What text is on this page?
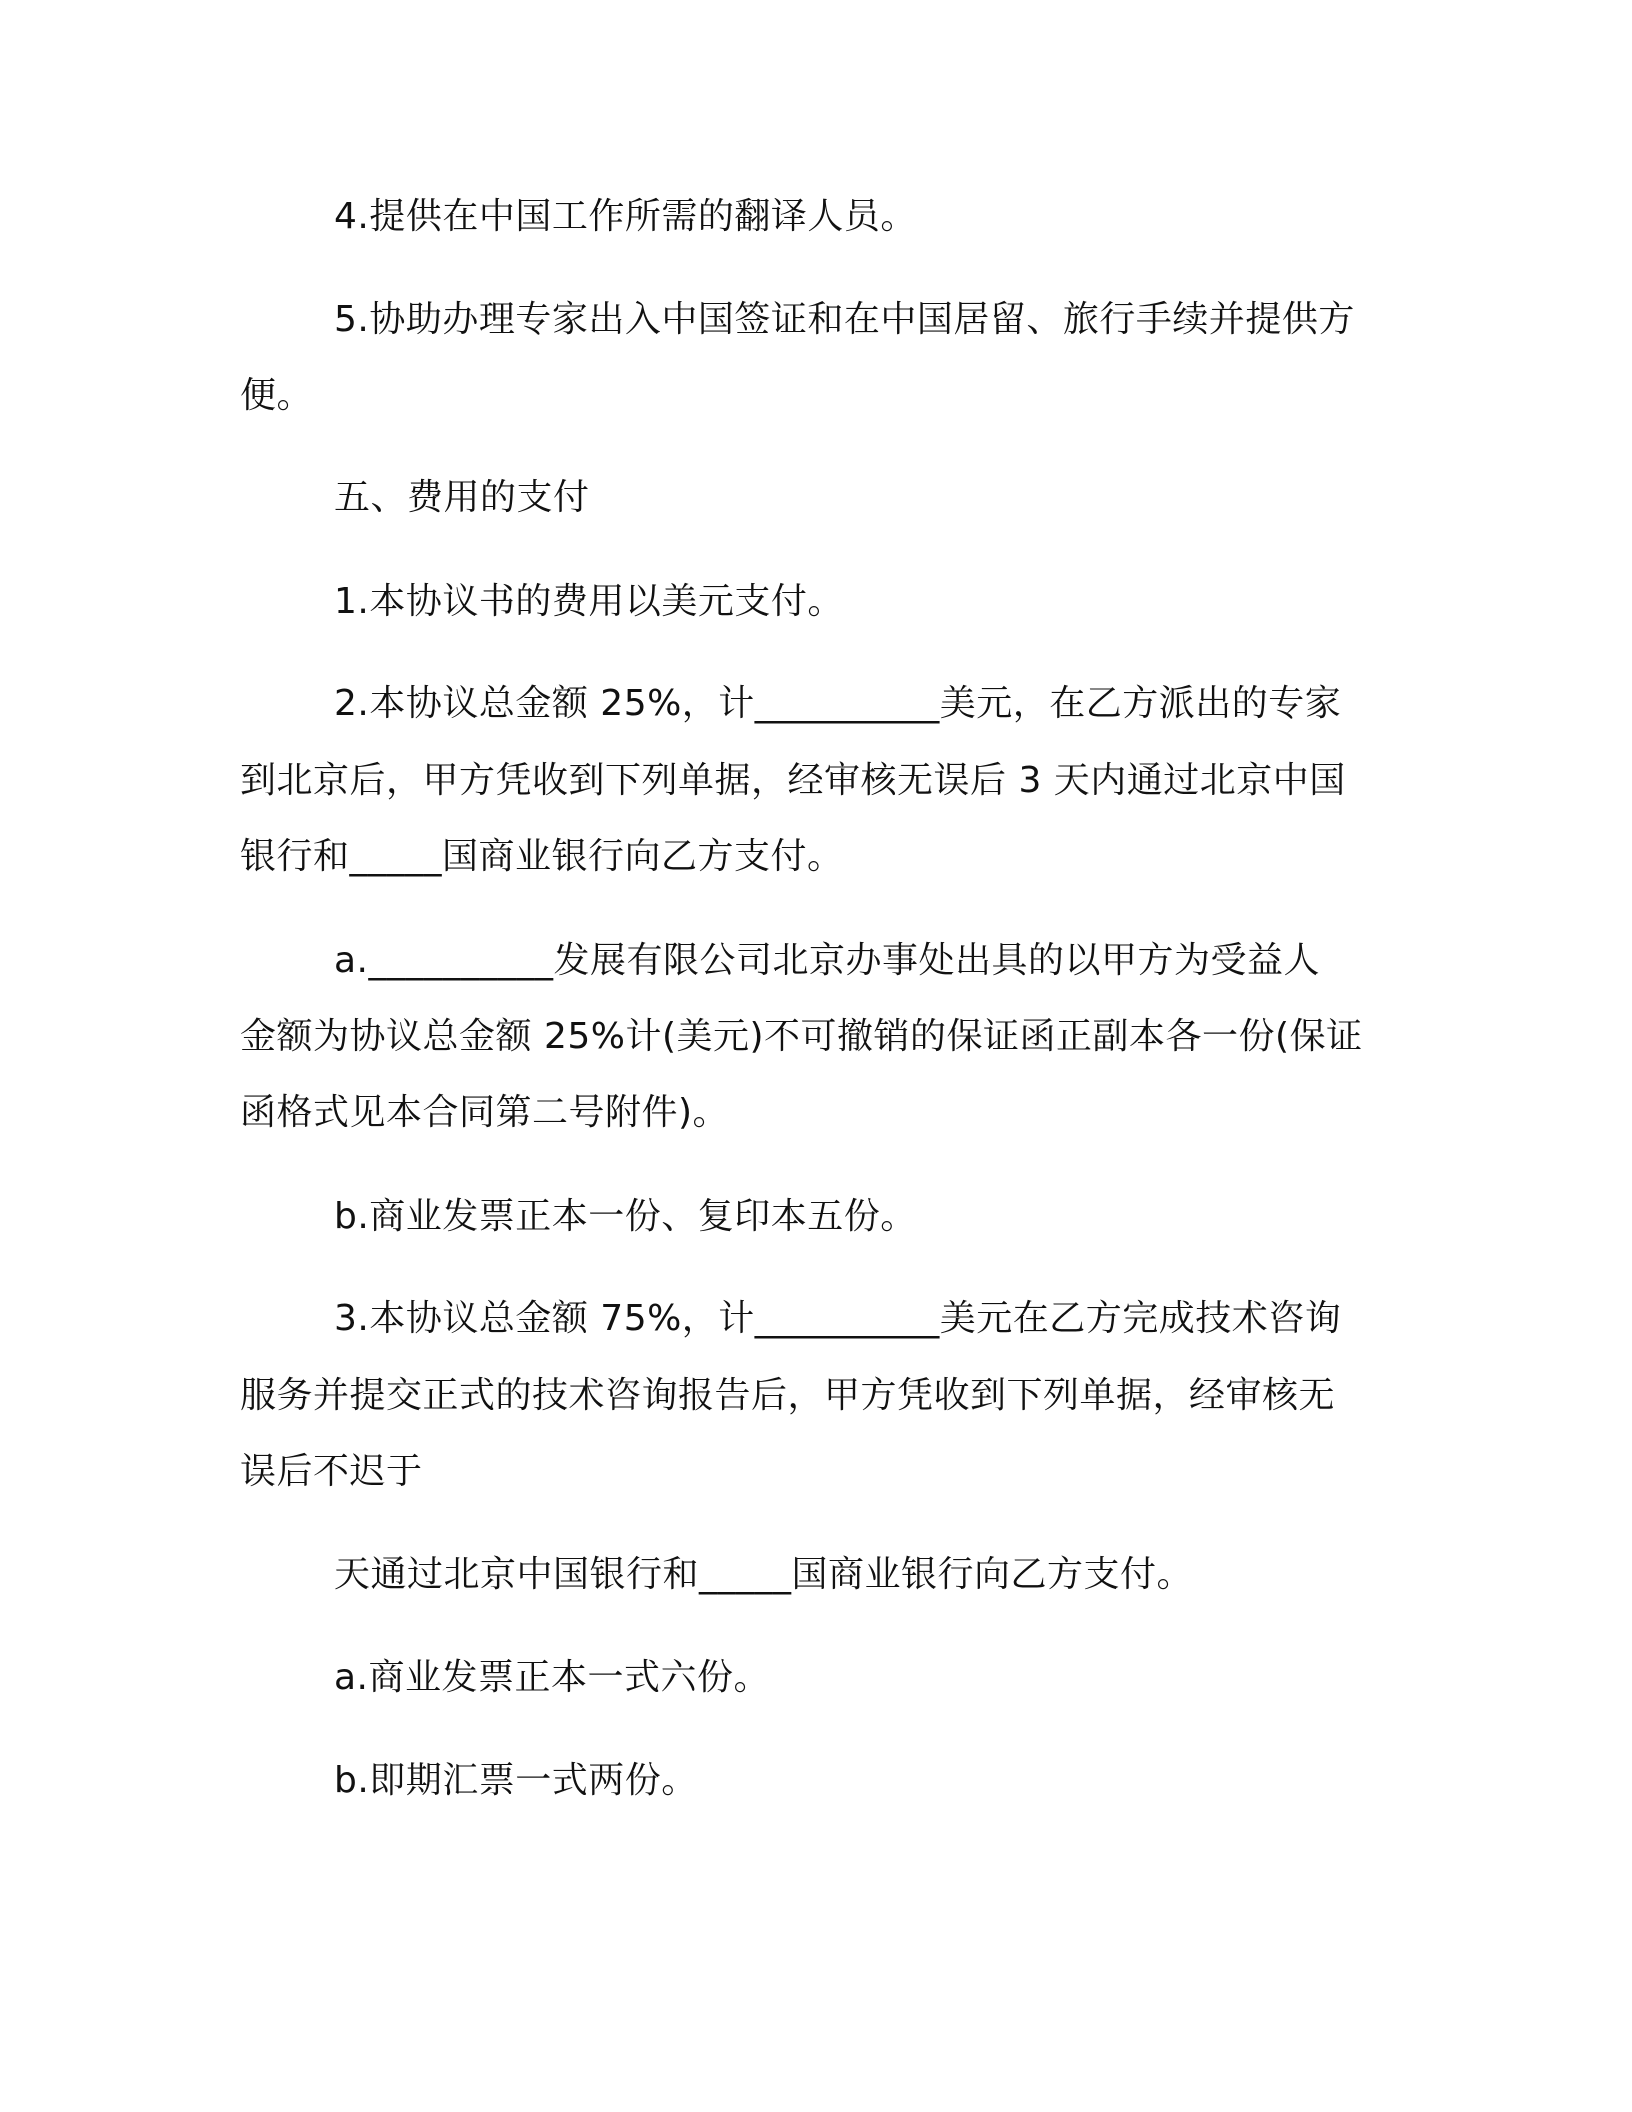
4.提供在中国工作所需的翻译人员。

5.协助办理专家出入中国签证和在中国居留、旅行手续并提供方

便。

五、费用的支付

1.本协议书的费用以美元支付。

2.本协议总金额 25%，计__________美元，在乙方派出的专家

到北京后，甲方凭收到下列单据，经审核无误后 3 天内通过北京中国

银行和_____国商业银行向乙方支付。

a.__________发展有限公司北京办事处出具的以甲方为受益人

金额为协议总金额 25%计(美元)不可撤销的保证函正副本各一份(保证

函格式见本合同第二号附件)。

b.商业发票正本一份、复印本五份。

3.本协议总金额 75%，计__________美元在乙方完成技术咨询

服务并提交正式的技术咨询报告后，甲方凭收到下列单据，经审核无

误后不迟于

天通过北京中国银行和_____国商业银行向乙方支付。

a.商业发票正本一式六份。

b.即期汇票一式两份。
